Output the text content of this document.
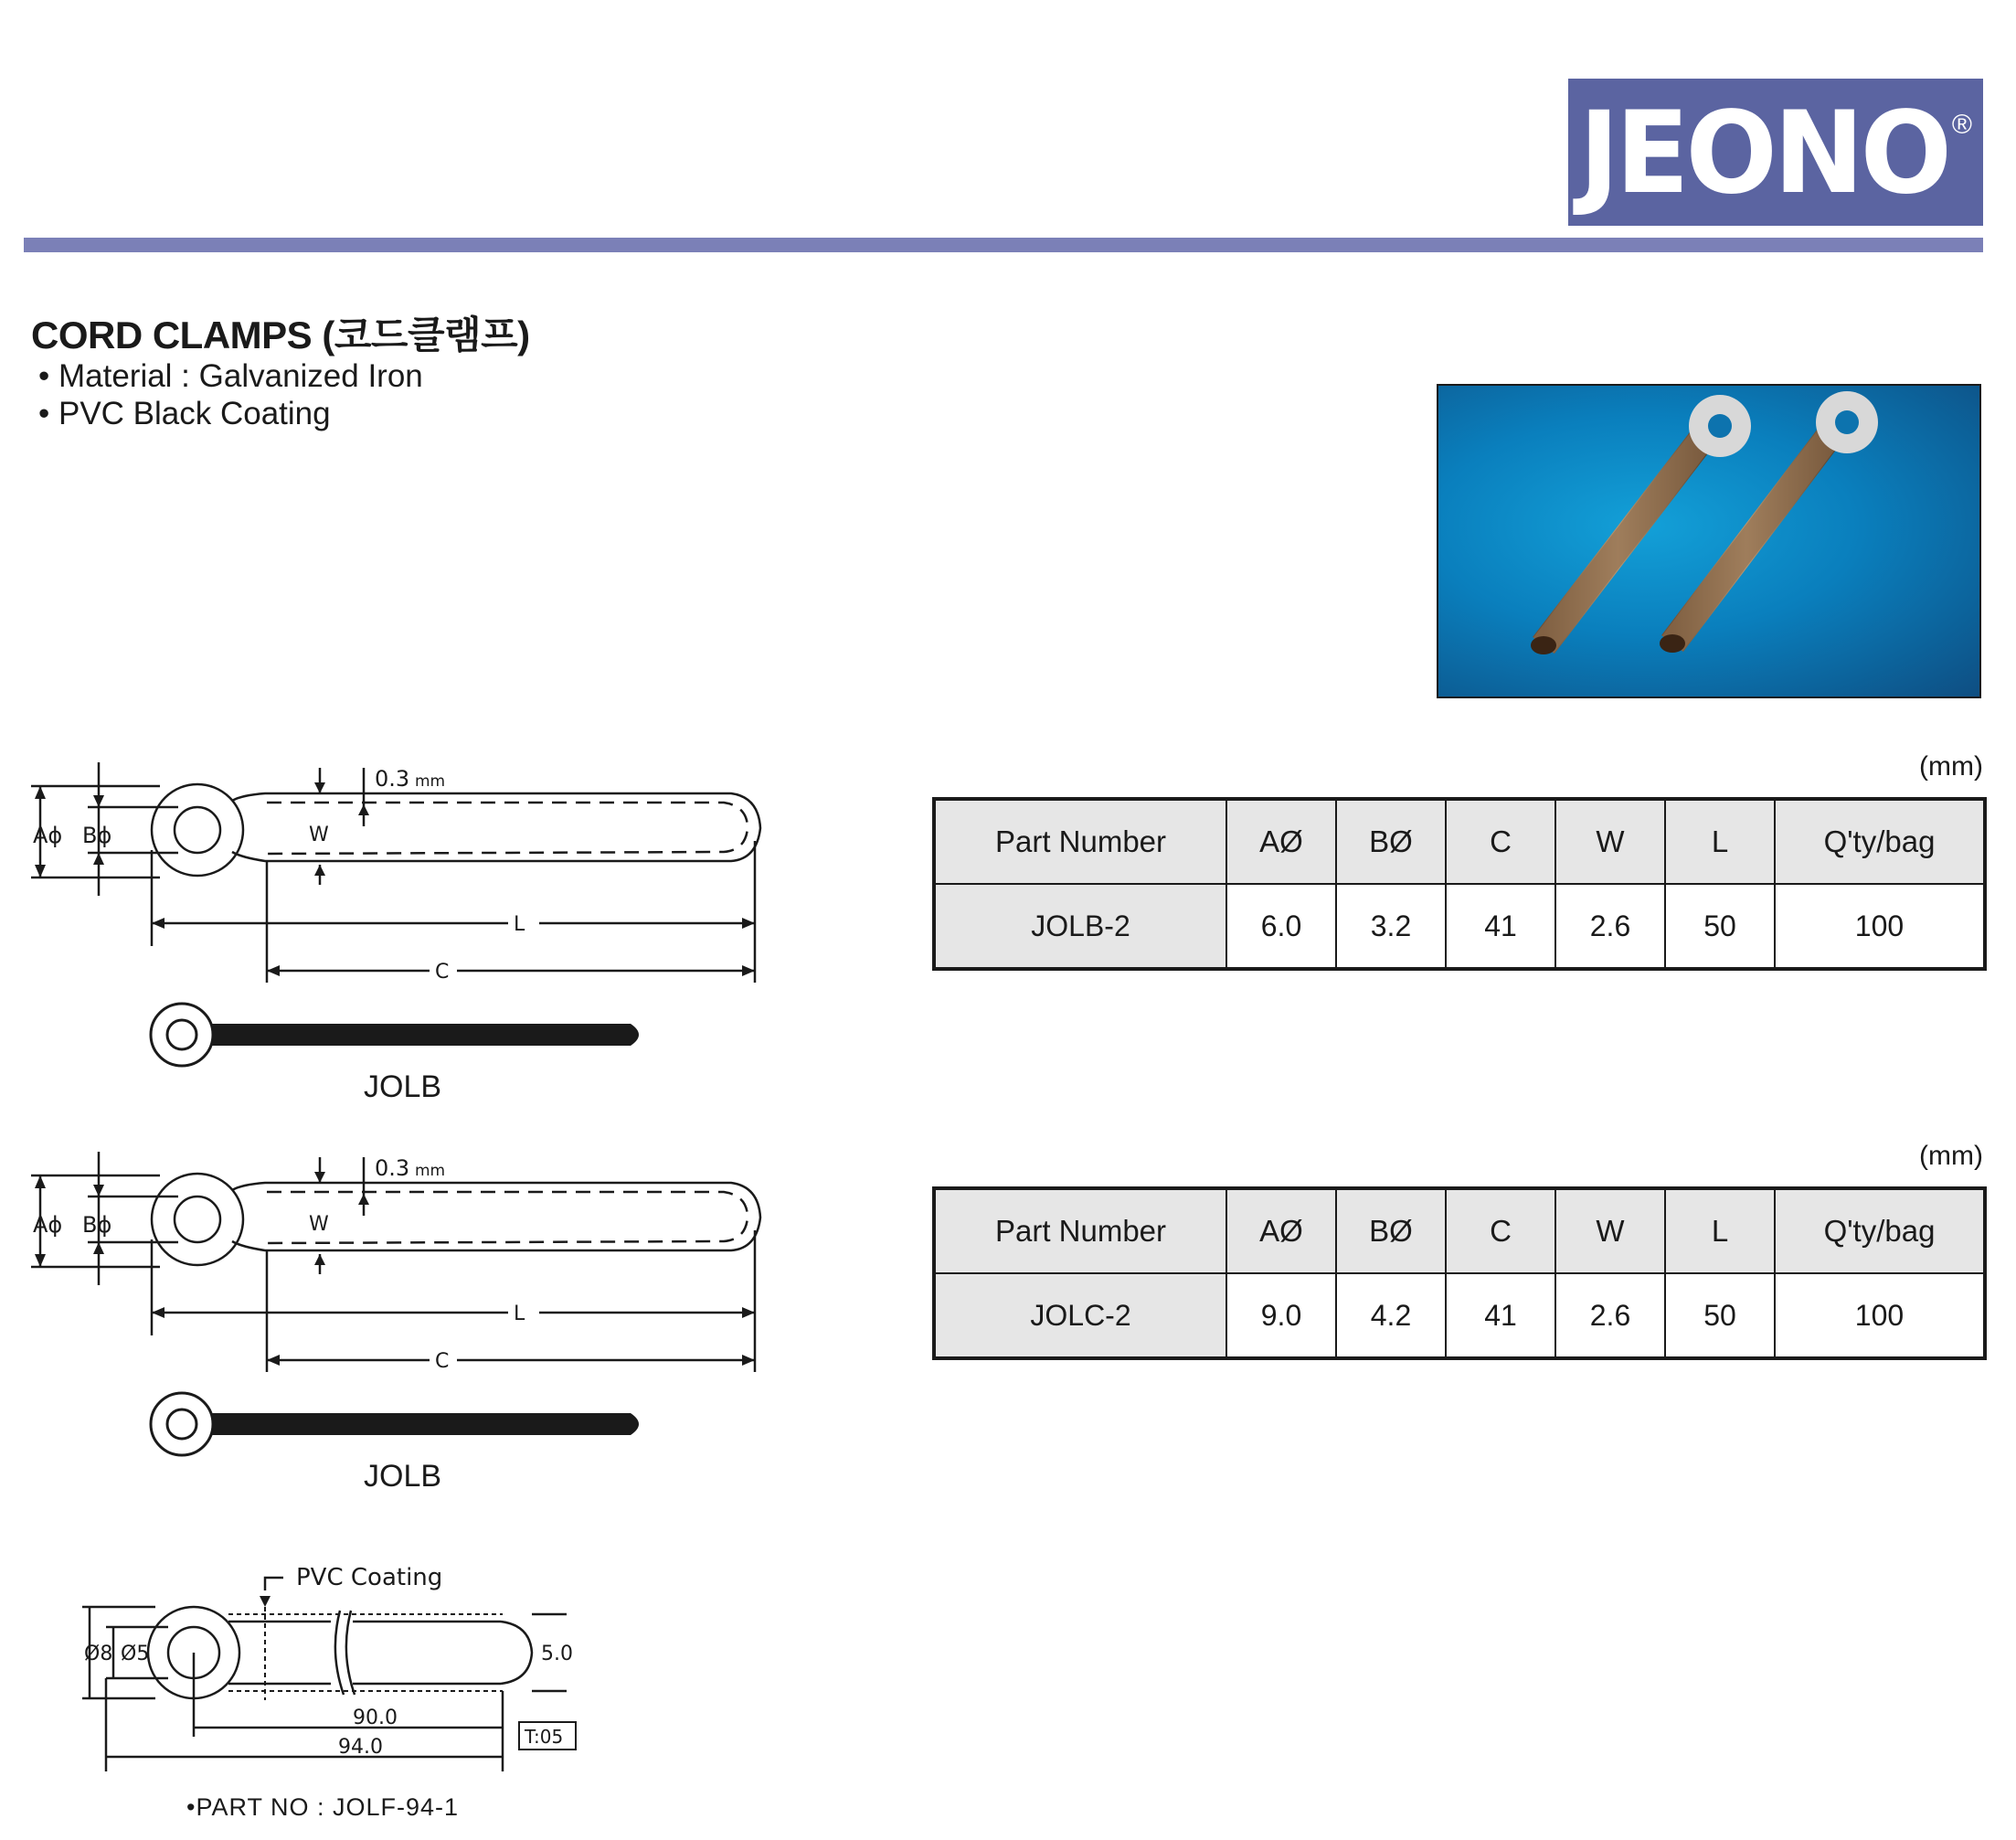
JEONO ®
CORD CLAMPS (코드클램프)
• Material : Galvanized Iron
• PVC Black Coating
Aϕ Bϕ	W
0.3 mm
L
C
JOLB
Aϕ Bϕ	W
0.3 mm
L
C
JOLB
PVC Coating
Ø8 Ø5	5.0
90.0
94.0	T:05
•PART NO : JOLF-94-1
(mm)
Part Number	AØ	BØ	C	W	L	Q'ty/bag
JOLB-2	6.0	3.2	41	2.6	50	100
(mm)
Part Number	AØ	BØ	C	W	L	Q'ty/bag
JOLC-2	9.0	4.2	41	2.6	50	100
